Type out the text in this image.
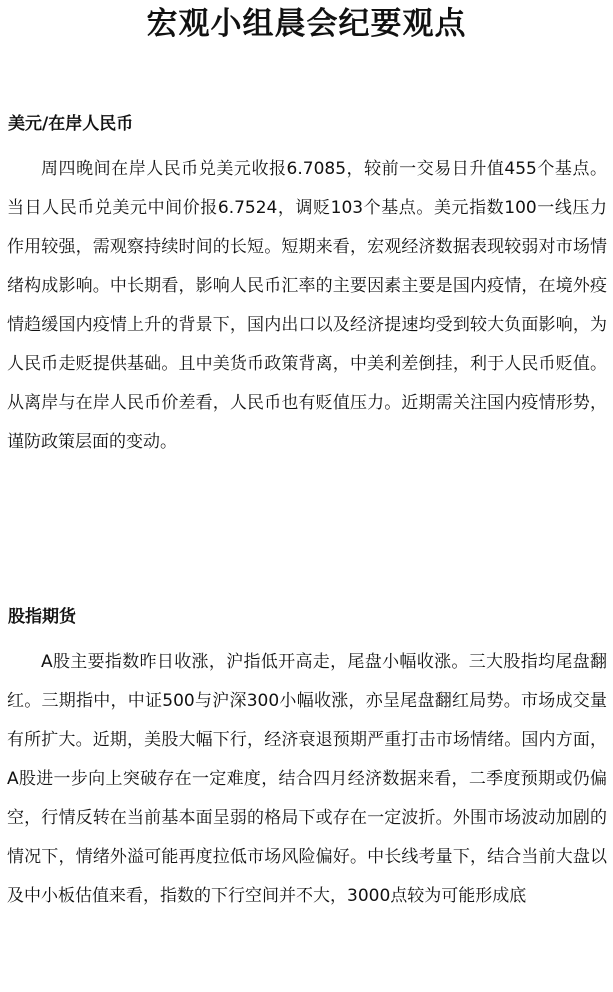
宏观小组晨会纪要观点
美元/在岸人民币

周四晚间在岸人民币兑美元收报6.7085，较前一交易日升值455个基点。当日人民币兑美元中间价报6.7524，调贬103个基点。美元指数100一线压力作用较强，需观察持续时间的长短。短期来看，宏观经济数据表现较弱对市场情绪构成影响。中长期看，影响人民币汇率的主要因素主要是国内疫情，在境外疫情趋缓国内疫情上升的背景下，国内出口以及经济提速均受到较大负面影响，为人民币走贬提供基础。且中美货币政策背离，中美利差倒挂，利于人民币贬值。从离岸与在岸人民币价差看，人民币也有贬值压力。近期需关注国内疫情形势，谨防政策层面的变动。

股指期货

A股主要指数昨日收涨，沪指低开高走，尾盘小幅收涨。三大股指均尾盘翻红。三期指中，中证500与沪深300小幅收涨，亦呈尾盘翻红局势。市场成交量有所扩大。近期，美股大幅下行，经济衰退预期严重打击市场情绪。国内方面，A股进一步向上突破存在一定难度，结合四月经济数据来看，二季度预期或仍偏空，行情反转在当前基本面呈弱的格局下或存在一定波折。外围市场波动加剧的情况下，情绪外溢可能再度拉低市场风险偏好。中长线考量下，结合当前大盘以及中小板估值来看，指数的下行空间并不大，3000点较为可能形成底
